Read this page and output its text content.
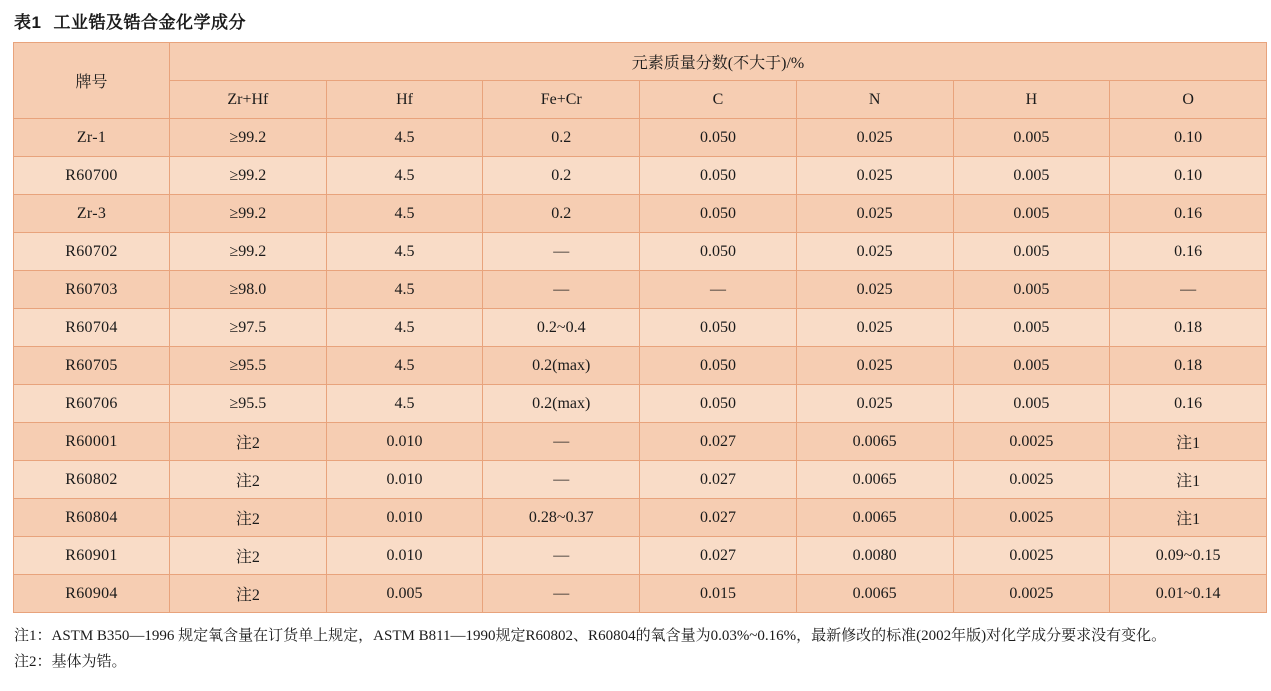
表1 工业锆及锆合金化学成分
牌号	元素质量分数(不大于)/%						
	Zr+Hf	Hf	Fe+Cr	C	N	H	O
Zr-1	≥99.2	4.5	0.2	0.050	0.025	0.005	0.10
R60700	≥99.2	4.5	0.2	0.050	0.025	0.005	0.10
Zr-3	≥99.2	4.5	0.2	0.050	0.025	0.005	0.16
R60702	≥99.2	4.5	—	0.050	0.025	0.005	0.16
R60703	≥98.0	4.5	—	—	0.025	0.005	—
R60704	≥97.5	4.5	0.2~0.4	0.050	0.025	0.005	0.18
R60705	≥95.5	4.5	0.2(max)	0.050	0.025	0.005	0.18
R60706	≥95.5	4.5	0.2(max)	0.050	0.025	0.005	0.16
R60001	注2	0.010	—	0.027	0.0065	0.0025	注1
R60802	注2	0.010	—	0.027	0.0065	0.0025	注1
R60804	注2	0.010	0.28~0.37	0.027	0.0065	0.0025	注1
R60901	注2	0.010	—	0.027	0.0080	0.0025	0.09~0.15
R60904	注2	0.005	—	0.015	0.0065	0.0025	0.01~0.14

注1：ASTM B350—1996 规定氧含量在订货单上规定，ASTM B811—1990规定R60802、R60804的氧含量为0.03%~0.16%，最新修改的标准(2002年版)对化学成分要求没有变化。

注2：基体为锆。
